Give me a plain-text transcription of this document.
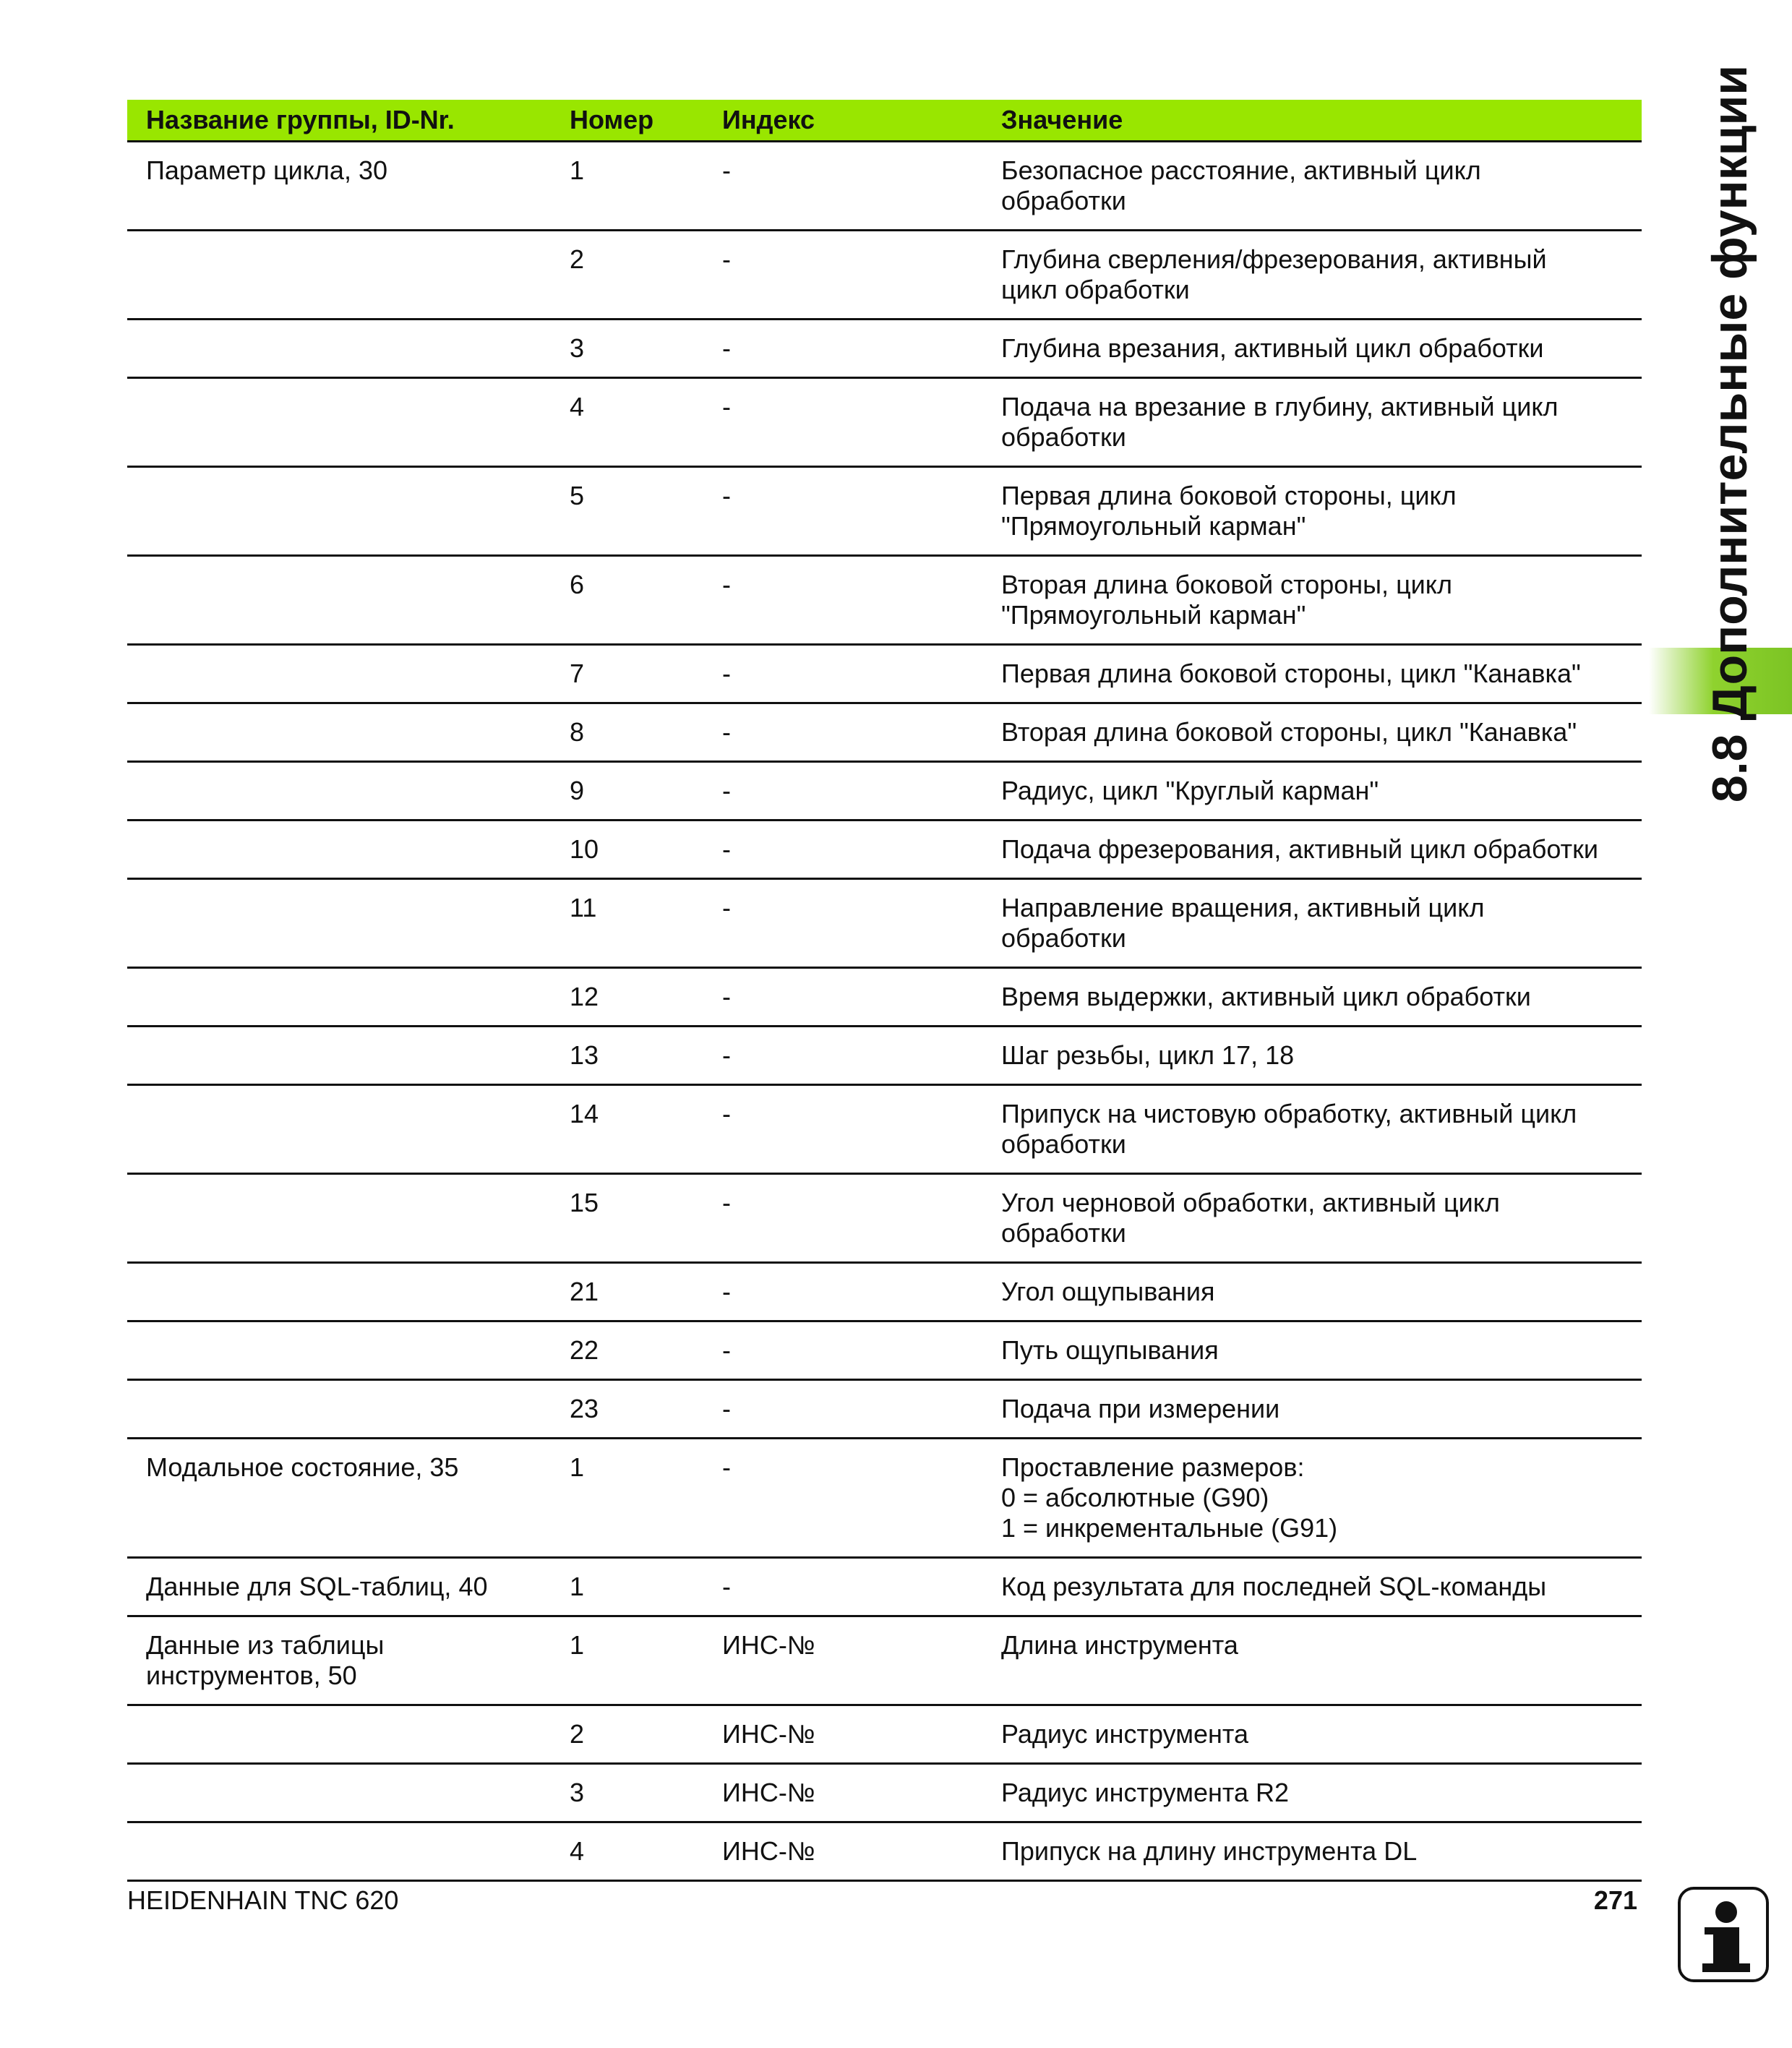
Название группы, ID-Nr.	Номер	Индекс	Значение
Параметр цикла, 30	1	-	Безопасное расстояние, активный цикл
обработки
	2	-	Глубина сверления/фрезерования, активный
цикл обработки
	3	-	Глубина врезания, активный цикл обработки
	4	-	Подача на врезание в глубину, активный цикл
обработки
	5	-	Первая длина боковой стороны, цикл
"Прямоугольный карман"
	6	-	Вторая длина боковой стороны, цикл
"Прямоугольный карман"
	7	-	Первая длина боковой стороны, цикл "Канавка"
	8	-	Вторая длина боковой стороны, цикл "Канавка"
	9	-	Радиус, цикл "Круглый карман"
	10	-	Подача фрезерования, активный цикл обработки
	11	-	Направление вращения, активный цикл
обработки
	12	-	Время выдержки, активный цикл обработки
	13	-	Шаг резьбы, цикл 17, 18
	14	-	Припуск на чистовую обработку, активный цикл
обработки
	15	-	Угол черновой обработки, активный цикл
обработки
	21	-	Угол ощупывания
	22	-	Путь ощупывания
	23	-	Подача при измерении
Модальное состояние, 35	1	-	Проставление размеров:
0 = абсолютные (G90)
1 = инкрементальные (G91)
Данные для SQL-таблиц, 40	1	-	Код результата для последней SQL-команды
Данные из таблицы
инструментов, 50	1	ИНС-№	Длина инструмента
	2	ИНС-№	Радиус инструмента
	3	ИНС-№	Радиус инструмента R2
	4	ИНС-№	Припуск на длину инструмента DL
8.8 Дополнительные функции
HEIDENHAIN TNC 620	271
